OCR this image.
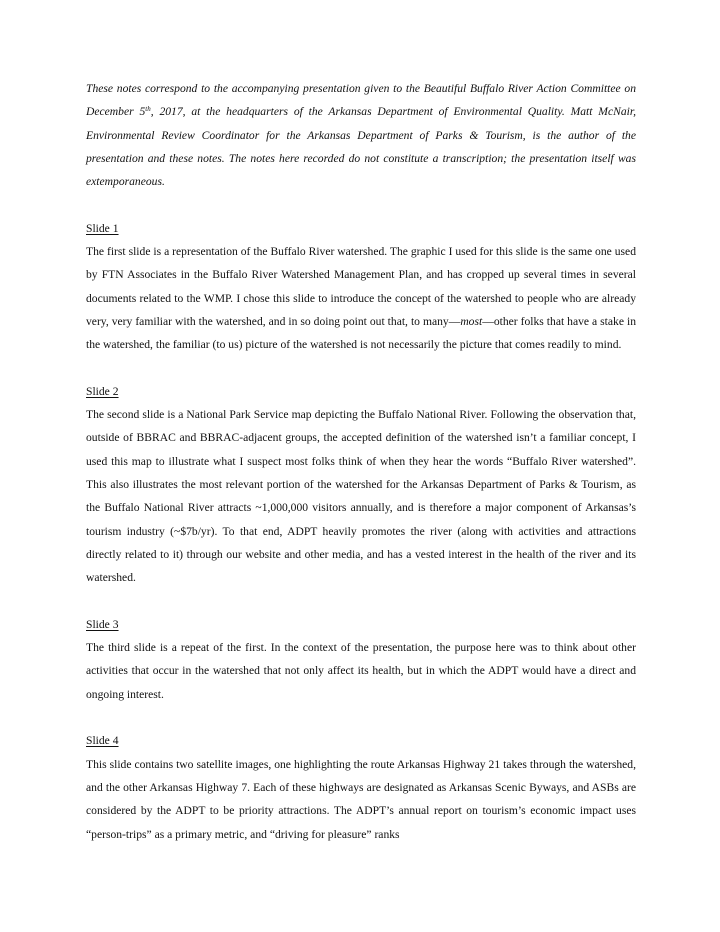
These notes correspond to the accompanying presentation given to the Beautiful Buffalo River Action Committee on December 5th, 2017, at the headquarters of the Arkansas Department of Environmental Quality. Matt McNair, Environmental Review Coordinator for the Arkansas Department of Parks & Tourism, is the author of the presentation and these notes. The notes here recorded do not constitute a transcription; the presentation itself was extemporaneous.

Slide 1

The first slide is a representation of the Buffalo River watershed. The graphic I used for this slide is the same one used by FTN Associates in the Buffalo River Watershed Management Plan, and has cropped up several times in several documents related to the WMP. I chose this slide to introduce the concept of the watershed to people who are already very, very familiar with the watershed, and in so doing point out that, to many—most—other folks that have a stake in the watershed, the familiar (to us) picture of the watershed is not necessarily the picture that comes readily to mind.

Slide 2

The second slide is a National Park Service map depicting the Buffalo National River. Following the observation that, outside of BBRAC and BBRAC-adjacent groups, the accepted definition of the watershed isn’t a familiar concept, I used this map to illustrate what I suspect most folks think of when they hear the words “Buffalo River watershed”. This also illustrates the most relevant portion of the watershed for the Arkansas Department of Parks & Tourism, as the Buffalo National River attracts ~1,000,000 visitors annually, and is therefore a major component of Arkansas’s tourism industry (~$7b/yr). To that end, ADPT heavily promotes the river (along with activities and attractions directly related to it) through our website and other media, and has a vested interest in the health of the river and its watershed.

Slide 3

The third slide is a repeat of the first. In the context of the presentation, the purpose here was to think about other activities that occur in the watershed that not only affect its health, but in which the ADPT would have a direct and ongoing interest.

Slide 4

This slide contains two satellite images, one highlighting the route Arkansas Highway 21 takes through the watershed, and the other Arkansas Highway 7. Each of these highways are designated as Arkansas Scenic Byways, and ASBs are considered by the ADPT to be priority attractions. The ADPT’s annual report on tourism’s economic impact uses “person-trips” as a primary metric, and “driving for pleasure” ranks
